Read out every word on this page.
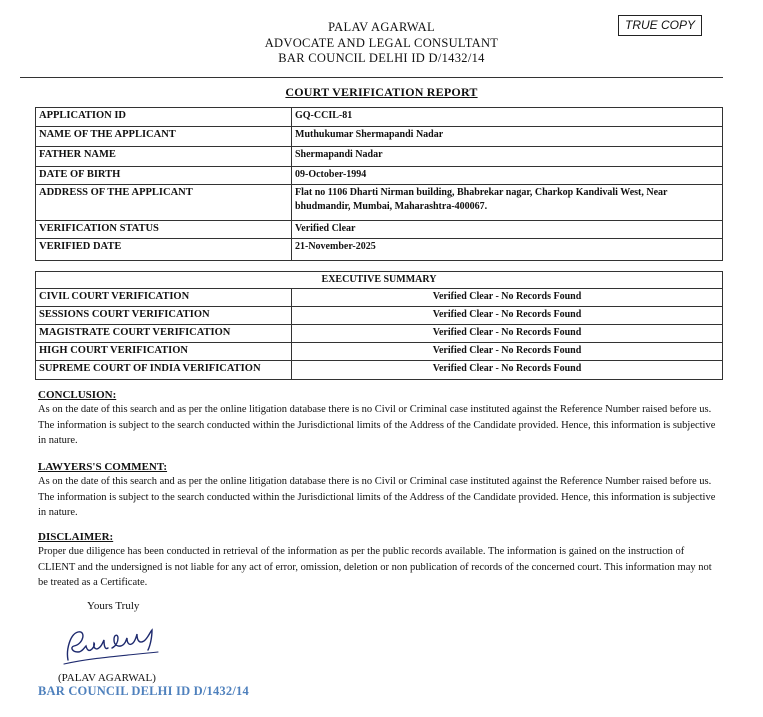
PALAV AGARWAL
ADVOCATE AND LEGAL CONSULTANT
BAR COUNCIL DELHI ID D/1432/14
TRUE COPY
COURT VERIFICATION REPORT
APPLICATION ID	GQ-CCIL-81
NAME OF THE APPLICANT	Muthukumar Shermapandi Nadar
FATHER NAME	Shermapandi Nadar
DATE OF BIRTH	09-October-1994
ADDRESS OF THE APPLICANT	Flat no 1106 Dharti Nirman building, Bhabrekar nagar, Charkop Kandivali West, Near bhudmandir, Mumbai, Maharashtra-400067.
VERIFICATION STATUS	Verified Clear
VERIFIED DATE	21-November-2025
EXECUTIVE SUMMARY	
CIVIL COURT VERIFICATION	Verified Clear - No Records Found
SESSIONS COURT VERIFICATION	Verified Clear - No Records Found
MAGISTRATE COURT VERIFICATION	Verified Clear - No Records Found
HIGH COURT VERIFICATION	Verified Clear - No Records Found
SUPREME COURT OF INDIA VERIFICATION	Verified Clear - No Records Found
CONCLUSION:
As on the date of this search and as per the online litigation database there is no Civil or Criminal case instituted against the Reference Number raised before us. The information is subject to the search conducted within the Jurisdictional limits of the Address of the Candidate provided. Hence, this information is subjective in nature.
LAWYERS'S COMMENT:
As on the date of this search and as per the online litigation database there is no Civil or Criminal case instituted against the Reference Number raised before us. The information is subject to the search conducted within the Jurisdictional limits of the Address of the Candidate provided. Hence, this information is subjective in nature.
DISCLAIMER:
Proper due diligence has been conducted in retrieval of the information as per the public records available. The information is gained on the instruction of CLIENT and the undersigned is not liable for any act of error, omission, deletion or non publication of records of the concerned court. This information may not be treated as a Certificate.
Yours Truly
(PALAV AGARWAL)
BAR COUNCIL DELHI ID D/1432/14
